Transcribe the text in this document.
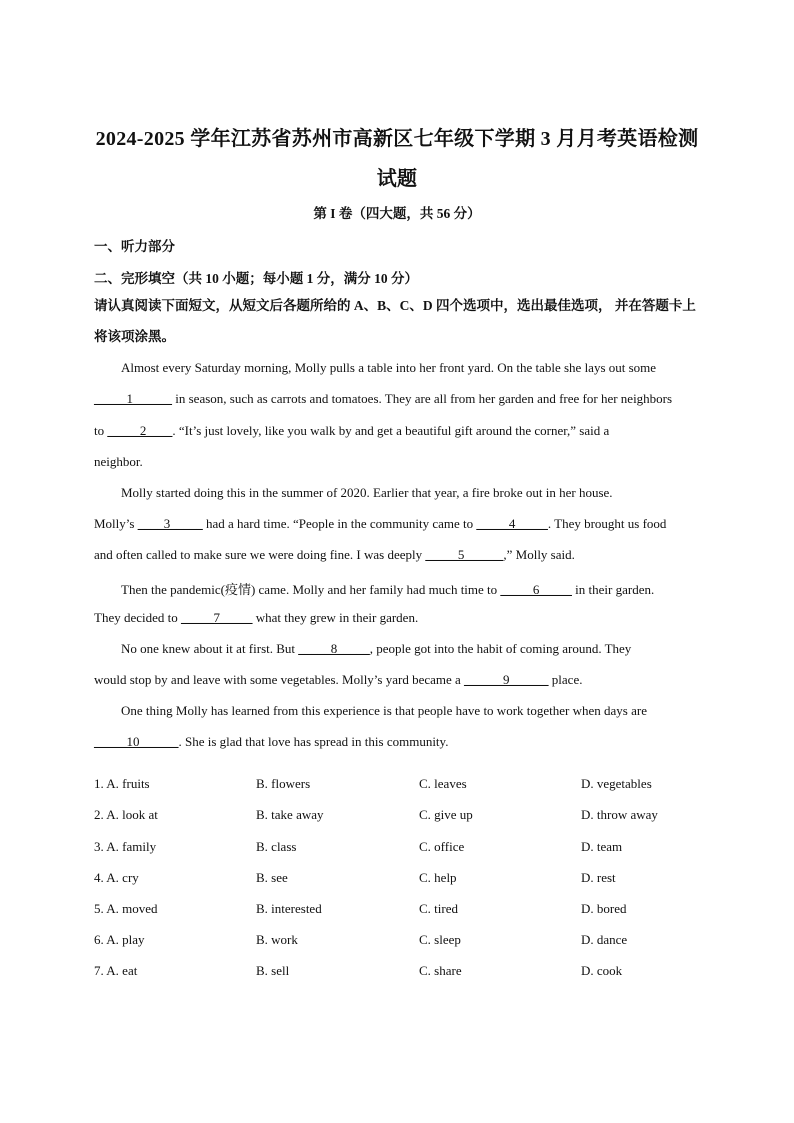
2024-2025 学年江苏省苏州市高新区七年级下学期 3 月月考英语检测
试题
第 I 卷（四大题，共 56 分）
一、听力部分
二、完形填空（共 10 小题；每小题 1 分，满分 10 分）
请认真阅读下面短文，从短文后各题所给的 A、B、C、D 四个选项中，选出最佳选项， 并在答题卡上将该项涂黑。
Almost every Saturday morning, Molly pulls a table into her front yard. On the table she lays out some
_____1______ in season, such as carrots and tomatoes. They are all from her garden and free for her neighbors
to _____2____. “It’s just lovely, like you walk by and get a beautiful gift around the corner,” said a
neighbor.
Molly started doing this in the summer of 2020. Earlier that year, a fire broke out in her house.
Molly’s ____3_____ had a hard time. “People in the community came to _____4_____. They brought us food
and often called to make sure we were doing fine. I was deeply _____5______,” Molly said.
Then the pandemic(疫情) came. Molly and her family had much time to _____6_____ in their garden.
They decided to _____7_____ what they grew in their garden.
No one knew about it at first. But _____8_____, people got into the habit of coming around. They
would stop by and leave with some vegetables. Molly’s yard became a ______9______ place.
One thing Molly has learned from this experience is that people have to work together when days are
_____10______. She is glad that love has spread in this community.
1. A. fruits	B. flowers	C. leaves	D. vegetables
2. A. look at	B. take away	C. give up	D. throw away
3. A. family	B. class	C. office	D. team
4. A. cry	B. see	C. help	D. rest
5. A. moved	B. interested	C. tired	D. bored
6. A. play	B. work	C. sleep	D. dance
7. A. eat	B. sell	C. share	D. cook
